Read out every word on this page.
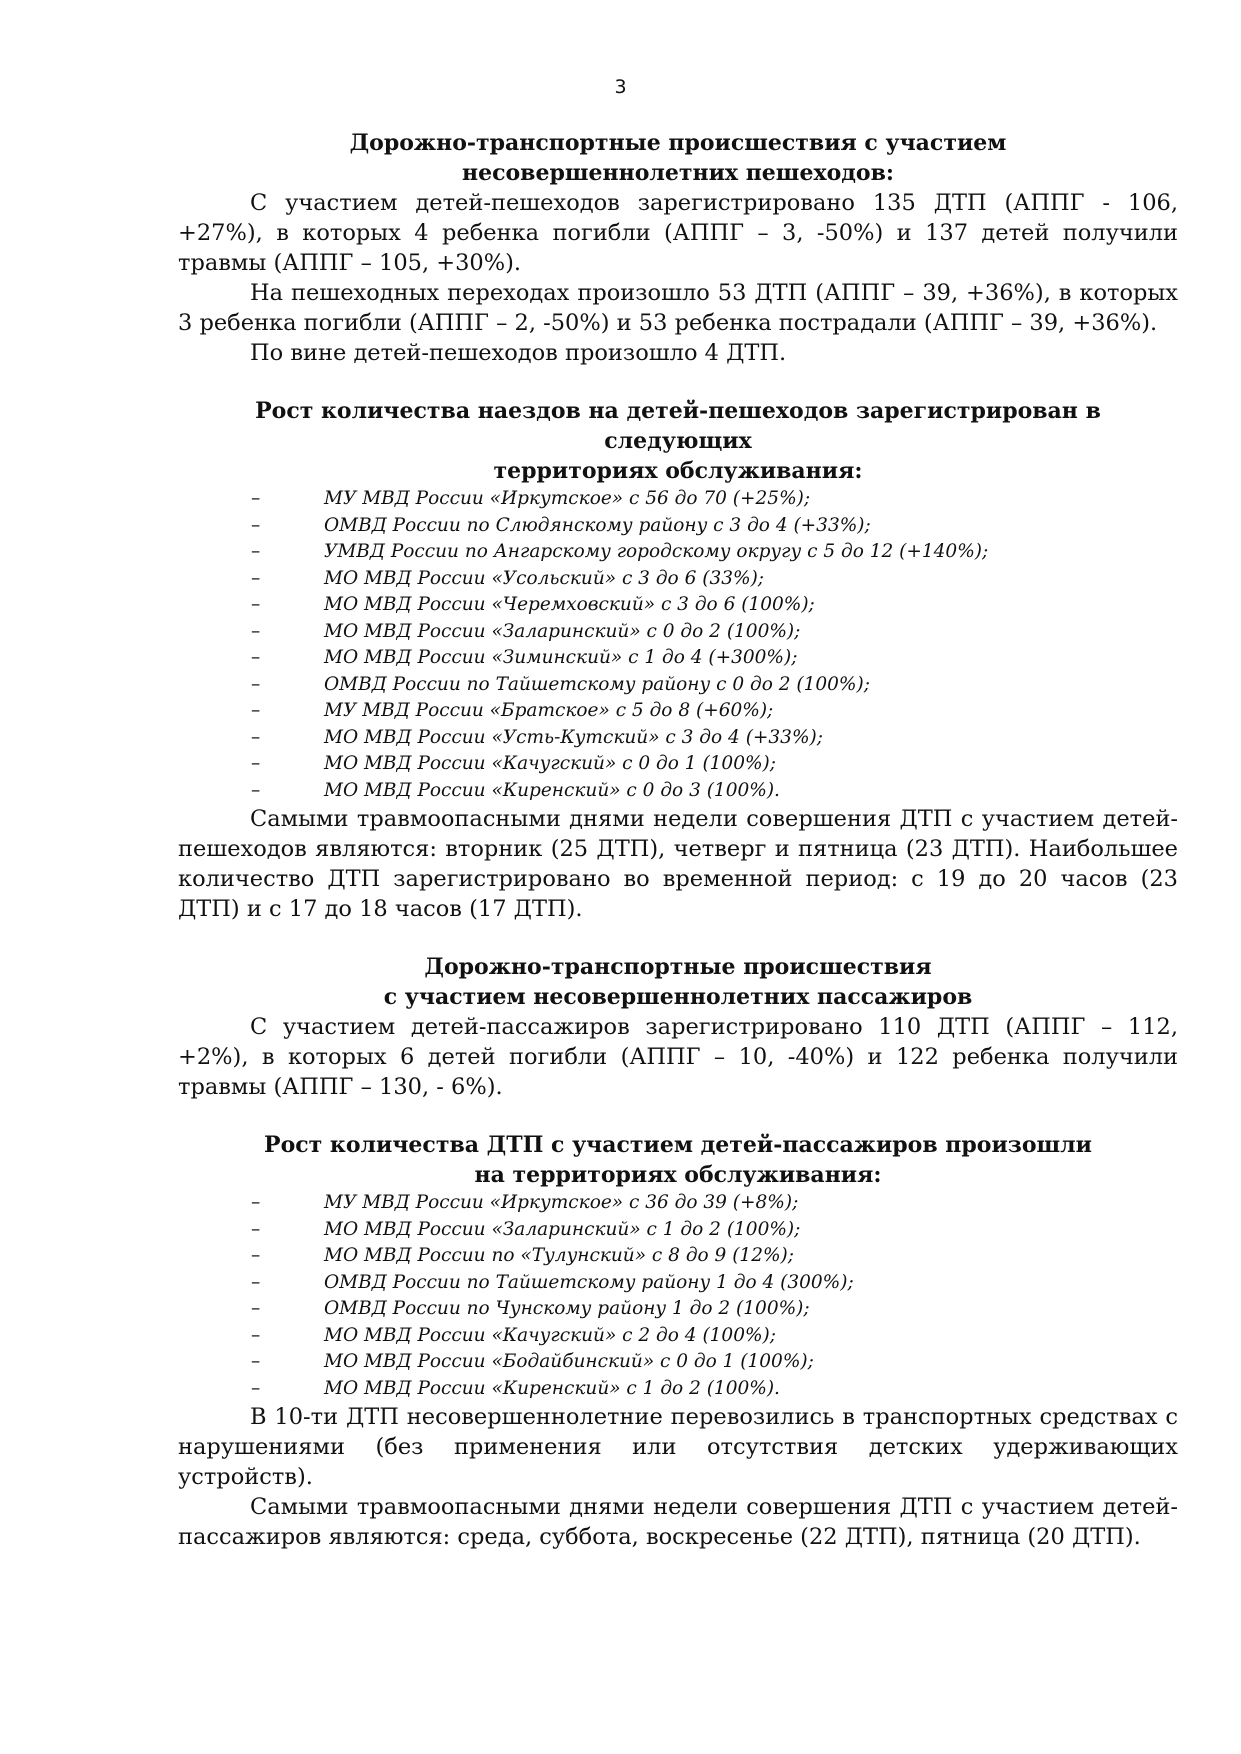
3

Дорожно-транспортные происшествия с участием

несовершеннолетних пешеходов:

С участием детей-пешеходов зарегистрировано 135 ДТП (АППГ - 106, +27%), в которых 4 ребенка погибли (АППГ – 3, -50%) и 137 детей получили травмы (АППГ – 105, +30%).

На пешеходных переходах произошло 53 ДТП (АППГ – 39, +36%), в которых 3 ребенка погибли (АППГ – 2, -50%) и 53 ребенка пострадали (АППГ – 39, +36%).

По вине детей-пешеходов произошло 4 ДТП.

Рост количества наездов на детей-пешеходов зарегистрирован в следующих

территориях обслуживания:

–	МУ МВД России «Иркутское» с 56 до 70 (+25%);
–	ОМВД России по Слюдянскому району с 3 до 4 (+33%);
–	УМВД России по Ангарскому городскому округу с 5 до 12 (+140%);
–	МО МВД России «Усольский» с 3 до 6 (33%);
–	МО МВД России «Черемховский» с 3 до 6 (100%);
–	МО МВД России «Заларинский» с 0 до 2 (100%);
–	МО МВД России «Зиминский» с 1 до 4 (+300%);
–	ОМВД России по Тайшетскому району с 0 до 2 (100%);
–	МУ МВД России «Братское» с 5 до 8 (+60%);
–	МО МВД России «Усть-Кутский» с 3 до 4 (+33%);
–	МО МВД России «Качугский» с 0 до 1 (100%);
–	МО МВД России «Киренский» с 0 до 3 (100%).

Самыми травмоопасными днями недели совершения ДТП с участием детей-пешеходов являются: вторник (25 ДТП), четверг и пятница (23 ДТП). Наибольшее количество ДТП зарегистрировано во временной период: с 19 до 20 часов (23 ДТП) и с 17 до 18 часов (17 ДТП).

Дорожно-транспортные происшествия

с участием несовершеннолетних пассажиров

С участием детей-пассажиров зарегистрировано 110 ДТП (АППГ – 112, +2%), в которых 6 детей погибли (АППГ – 10, -40%) и 122 ребенка получили травмы (АППГ – 130, - 6%).

Рост количества ДТП с участием детей-пассажиров произошли

на территориях обслуживания:

–	МУ МВД России «Иркутское» с 36 до 39 (+8%);
–	МО МВД России «Заларинский» с 1 до 2 (100%);
–	МО МВД России по «Тулунский» с 8 до 9 (12%);
–	ОМВД России по Тайшетскому району 1 до 4 (300%);
–	ОМВД России по Чунскому району 1 до 2 (100%);
–	МО МВД России «Качугский» с 2 до 4 (100%);
–	МО МВД России «Бодайбинский» с 0 до 1 (100%);
–	МО МВД России «Киренский» с 1 до 2 (100%).

В 10-ти ДТП несовершеннолетние перевозились в транспортных средствах с нарушениями (без применения или отсутствия детских удерживающих устройств).

Самыми травмоопасными днями недели совершения ДТП с участием детей-пассажиров являются: среда, суббота, воскресенье (22 ДТП), пятница (20 ДТП).
